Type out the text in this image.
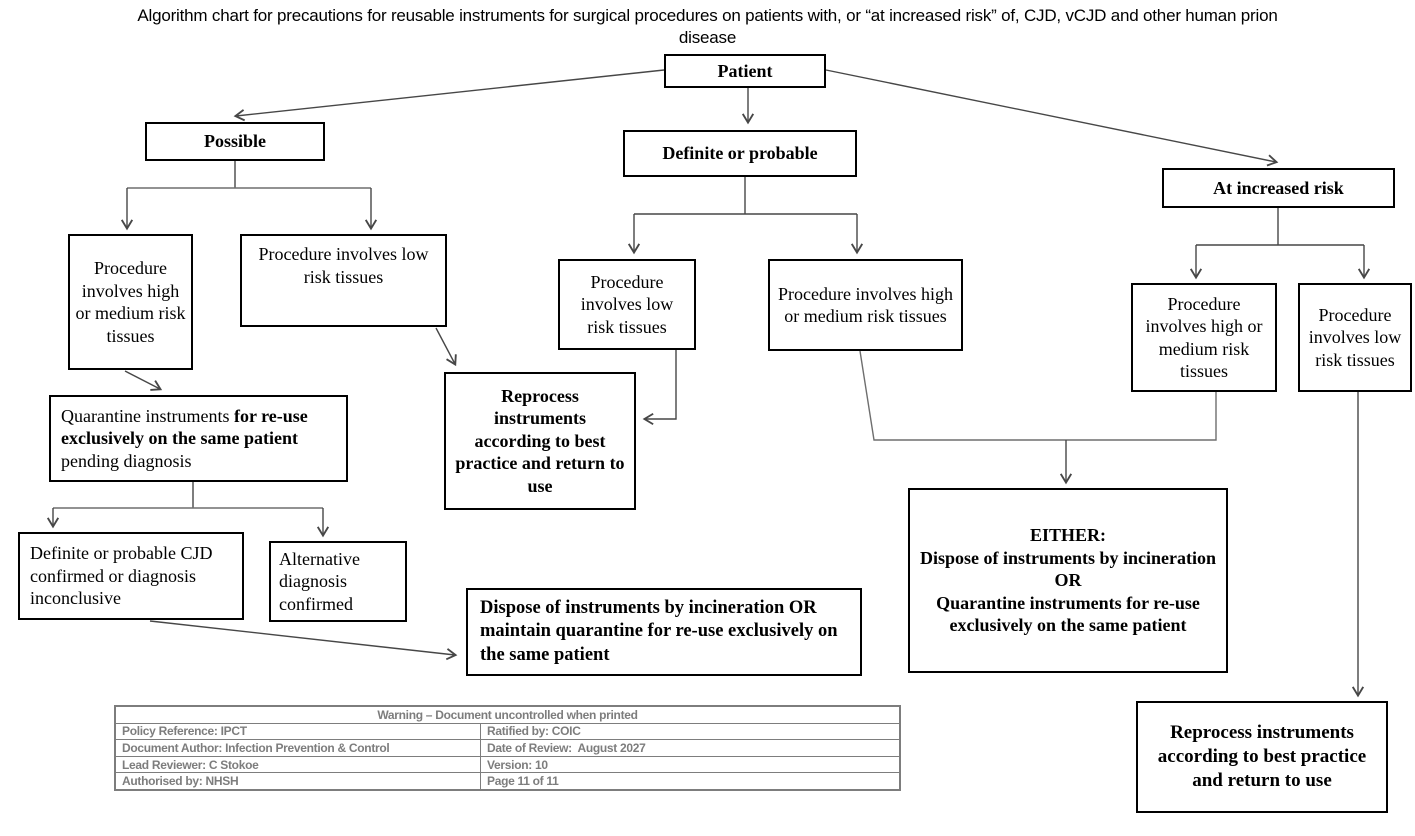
Algorithm chart for precautions for reusable instruments for surgical procedures on patients with, or “at increased risk” of, CJD, vCJD and other human prion disease
Patient
Possible
Definite or probable
At increased risk
Procedure involves high or medium risk tissues
Procedure involves low risk tissues
Quarantine instruments for re-use exclusively on the same patient pending diagnosis
Definite or probable CJD confirmed or diagnosis inconclusive
Alternative diagnosis confirmed
Procedure involves low risk tissues
Procedure involves high or medium risk tissues
Reprocess instruments according to best practice and return to use
Dispose of instruments by incineration OR maintain quarantine for re-use exclusively on the same patient
EITHER:
Dispose of instruments by incineration
OR
Quarantine instruments for re-use exclusively on the same patient
Procedure involves high or medium risk tissues
Procedure involves low risk tissues
Reprocess instruments according to best practice and return to use
Warning – Document uncontrolled when printed
Policy Reference: IPCT	Ratified by: COIC
Document Author: Infection Prevention & Control	Date of Review:  August 2027
Lead Reviewer: C Stokoe	Version: 10
Authorised by: NHSH	Page 11 of 11
